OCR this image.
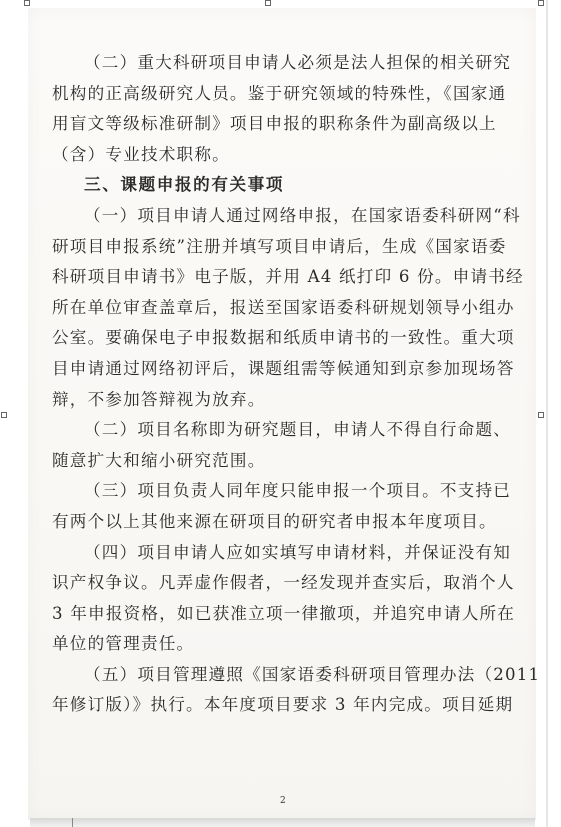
（二）重大科研项目申请人必须是法人担保的相关研究
机构的正高级研究人员。鉴于研究领域的特殊性，《国家通
用盲文等级标准研制》项目申报的职称条件为副高级以上
（含）专业技术职称。
三、课题申报的有关事项
（一）项目申请人通过网络申报，在国家语委科研网“科
研项目申报系统”注册并填写项目申请后，生成《国家语委
科研项目申请书》电子版，并用 A4 纸打印 6 份。申请书经
所在单位审查盖章后，报送至国家语委科研规划领导小组办
公室。要确保电子申报数据和纸质申请书的一致性。重大项
目申请通过网络初评后，课题组需等候通知到京参加现场答
辩，不参加答辩视为放弃。
（二）项目名称即为研究题目，申请人不得自行命题、
随意扩大和缩小研究范围。
（三）项目负责人同年度只能申报一个项目。不支持已
有两个以上其他来源在研项目的研究者申报本年度项目。
（四）项目申请人应如实填写申请材料，并保证没有知
识产权争议。凡弄虚作假者，一经发现并查实后，取消个人
3 年申报资格，如已获准立项一律撤项，并追究申请人所在
单位的管理责任。
（五）项目管理遵照《国家语委科研项目管理办法（2011
年修订版）》执行。本年度项目要求 3 年内完成。项目延期
2
